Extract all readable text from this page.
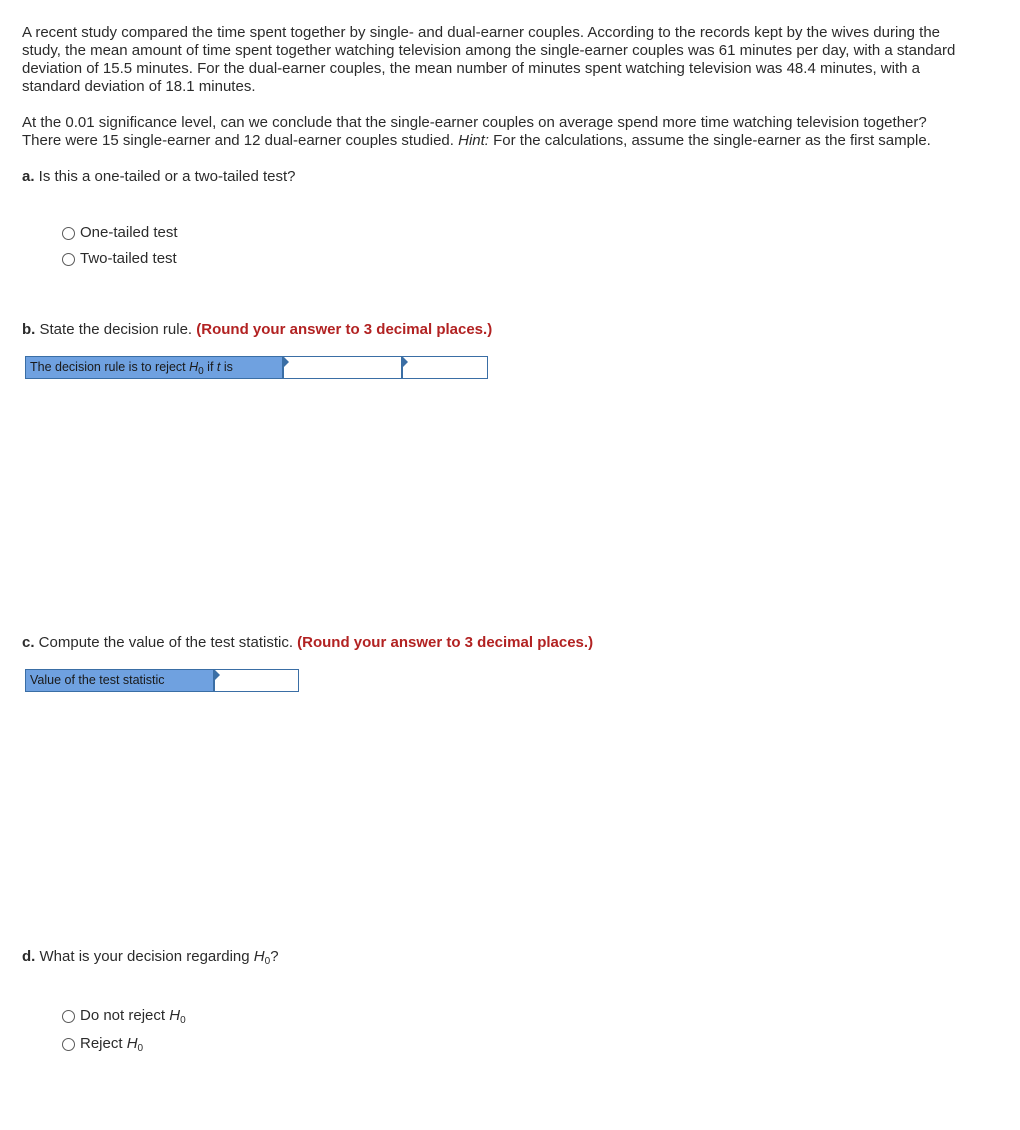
A recent study compared the time spent together by single- and dual-earner couples. According to the records kept by the wives during the study, the mean amount of time spent together watching television among the single-earner couples was 61 minutes per day, with a standard deviation of 15.5 minutes. For the dual-earner couples, the mean number of minutes spent watching television was 48.4 minutes, with a standard deviation of 18.1 minutes.

At the 0.01 significance level, can we conclude that the single-earner couples on average spend more time watching television together? There were 15 single-earner and 12 dual-earner couples studied. Hint: For the calculations, assume the single-earner as the first sample.

a. Is this a one-tailed or a two-tailed test?

One-tailed test
Two-tailed test

b. State the decision rule. (Round your answer to 3 decimal places.)

The decision rule is to reject $H_0$ if t is

c. Compute the value of the test statistic. (Round your answer to 3 decimal places.)

Value of the test statistic

d. What is your decision regarding $H_0$?

Do not reject $H_0$
Reject $H_0$
